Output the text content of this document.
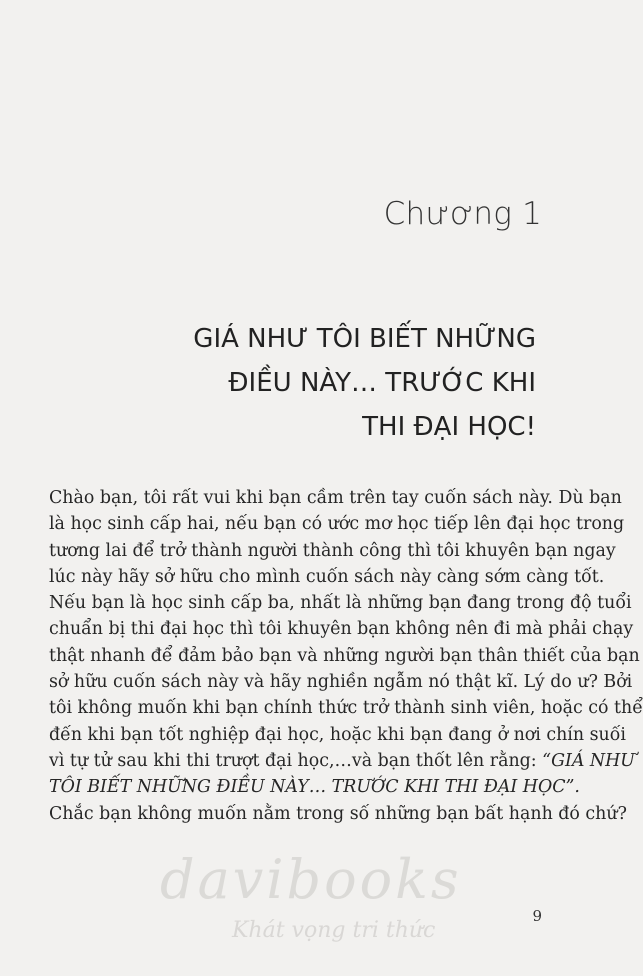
Chương 1
GIÁ NHƯ TÔI BIẾT NHỮNG
ĐIỀU NÀY… TRƯỚC KHI
THI ĐẠI HỌC!

Chào bạn, tôi rất vui khi bạn cầm trên tay cuốn sách này. Dù bạn

là học sinh cấp hai, nếu bạn có ước mơ học tiếp lên đại học trong

tương lai để trở thành người thành công thì tôi khuyên bạn ngay

lúc này hãy sở hữu cho mình cuốn sách này càng sớm càng tốt.

Nếu bạn là học sinh cấp ba, nhất là những bạn đang trong độ tuổi

chuẩn bị thi đại học thì tôi khuyên bạn không nên đi mà phải chạy

thật nhanh để đảm bảo bạn và những người bạn thân thiết của bạn

sở hữu cuốn sách này và hãy nghiền ngẫm nó thật kĩ. Lý do ư? Bởi

tôi không muốn khi bạn chính thức trở thành sinh viên, hoặc có thể

đến khi bạn tốt nghiệp đại học, hoặc khi bạn đang ở nơi chín suối

vì tự tử sau khi thi trượt đại học,…và bạn thốt lên rằng: “GIÁ NHƯ

TÔI BIẾT NHỮNG ĐIỀU NÀY… TRƯỚC KHI THI ĐẠI HỌC”.

Chắc bạn không muốn nằm trong số những bạn bất hạnh đó chứ?

davibooks
Khát vọng tri thức
9
